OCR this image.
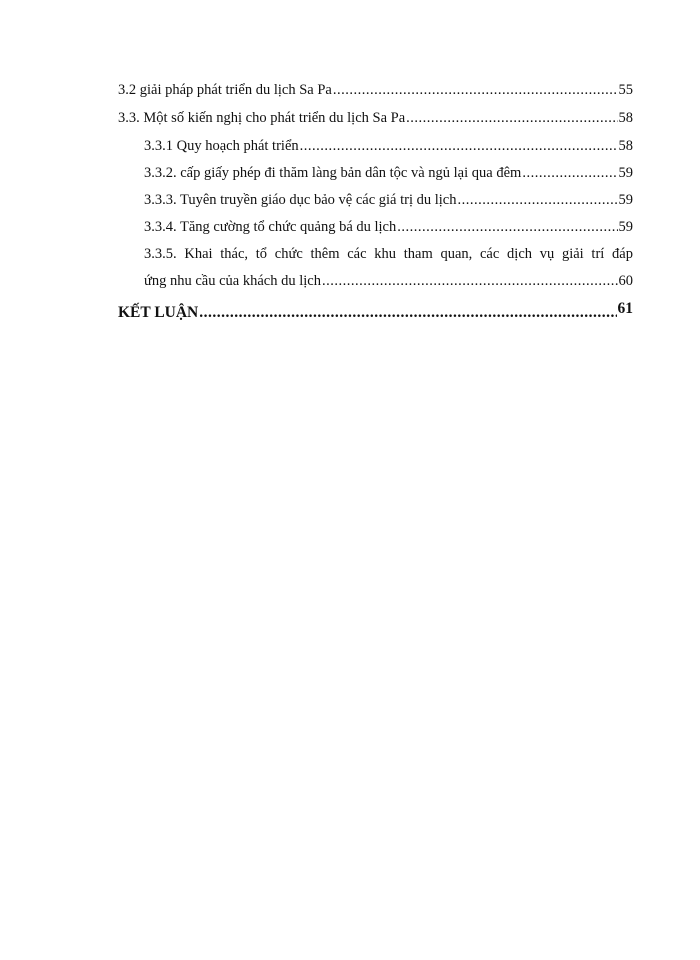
3.2 giải pháp phát triển du lịch Sa Pa .....	55
3.3. Một số kiến nghị cho phát triển du lịch Sa Pa .....	58
3.3.1 Quy hoạch phát triển .....	58
3.3.2. cấp giấy phép đi thăm làng bản dân tộc và ngủ lại qua đêm .....	59
3.3.3. Tuyên truyền giáo dục bảo vệ các giá trị du lịch .....	59
3.3.4. Tăng cường tổ chức quảng bá du lịch .....	59
3.3.5. Khai thác, tổ chức thêm các khu tham quan, các dịch vụ giải trí đáp
ứng nhu cầu của khách du lịch .....	60
KẾT LUẬN .....	61
